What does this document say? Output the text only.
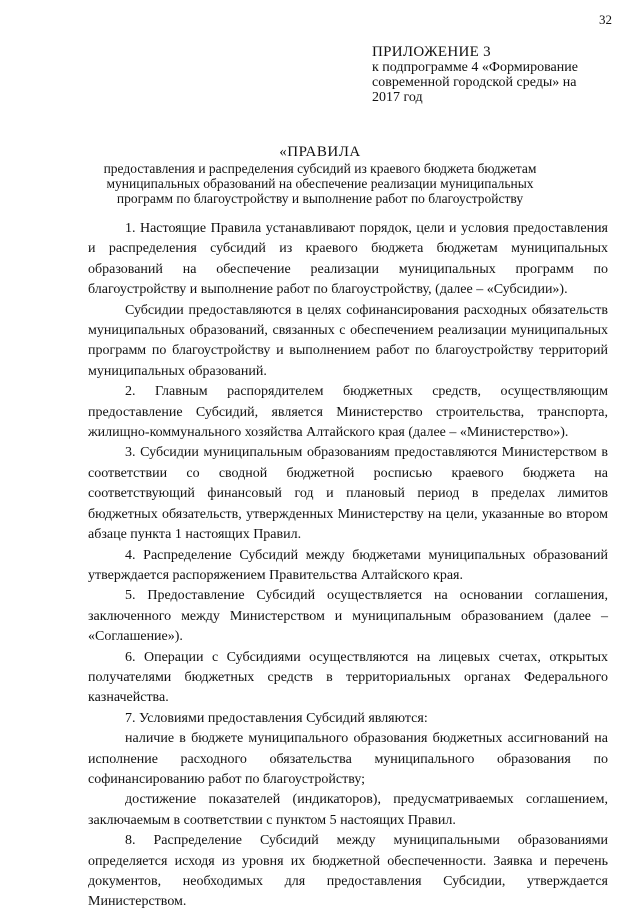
32
ПРИЛОЖЕНИЕ 3
к подпрограмме 4 «Формирование
современной городской среды» на
2017 год
«ПРАВИЛА
предоставления и распределения субсидий из краевого бюджета бюджетам
муниципальных образований на обеспечение реализации муниципальных
программ по благоустройству и выполнение работ по благоустройству

1. Настоящие Правила устанавливают порядок, цели и условия предоставления и распределения субсидий из краевого бюджета бюджетам муниципальных образований на обеспечение реализации муниципальных программ по благоустройству и выполнение работ по благоустройству, (далее – «Субсидии»).

Субсидии предоставляются в целях софинансирования расходных обязательств муниципальных образований, связанных с обеспечением реализации муниципальных программ по благоустройству и выполнением работ по благоустройству территорий муниципальных образований.

2. Главным распорядителем бюджетных средств, осуществляющим предоставление Субсидий, является Министерство строительства, транспорта, жилищно-коммунального хозяйства Алтайского края (далее – «Министерство»).

3. Субсидии муниципальным образованиям предоставляются Министерством в соответствии со сводной бюджетной росписью краевого бюджета на соответствующий финансовый год и плановый период в пределах лимитов бюджетных обязательств, утвержденных Министерству на цели, указанные во втором абзаце пункта 1 настоящих Правил.

4. Распределение Субсидий между бюджетами муниципальных образований утверждается распоряжением Правительства Алтайского края.

5. Предоставление Субсидий осуществляется на основании соглашения, заключенного между Министерством и муниципальным образованием (далее – «Соглашение»).

6. Операции с Субсидиями осуществляются на лицевых счетах, открытых получателями бюджетных средств в территориальных органах Федерального казначейства.

7. Условиями предоставления Субсидий являются:

наличие в бюджете муниципального образования бюджетных ассигнований на исполнение расходного обязательства муниципального образования по софинансированию работ по благоустройству;

достижение показателей (индикаторов), предусматриваемых соглашением, заключаемым в соответствии с пунктом 5 настоящих Правил.

8. Распределение Субсидий между муниципальными образованиями определяется исходя из уровня их бюджетной обеспеченности. Заявка и перечень документов, необходимых для предоставления Субсидии, утверждается Министерством.
